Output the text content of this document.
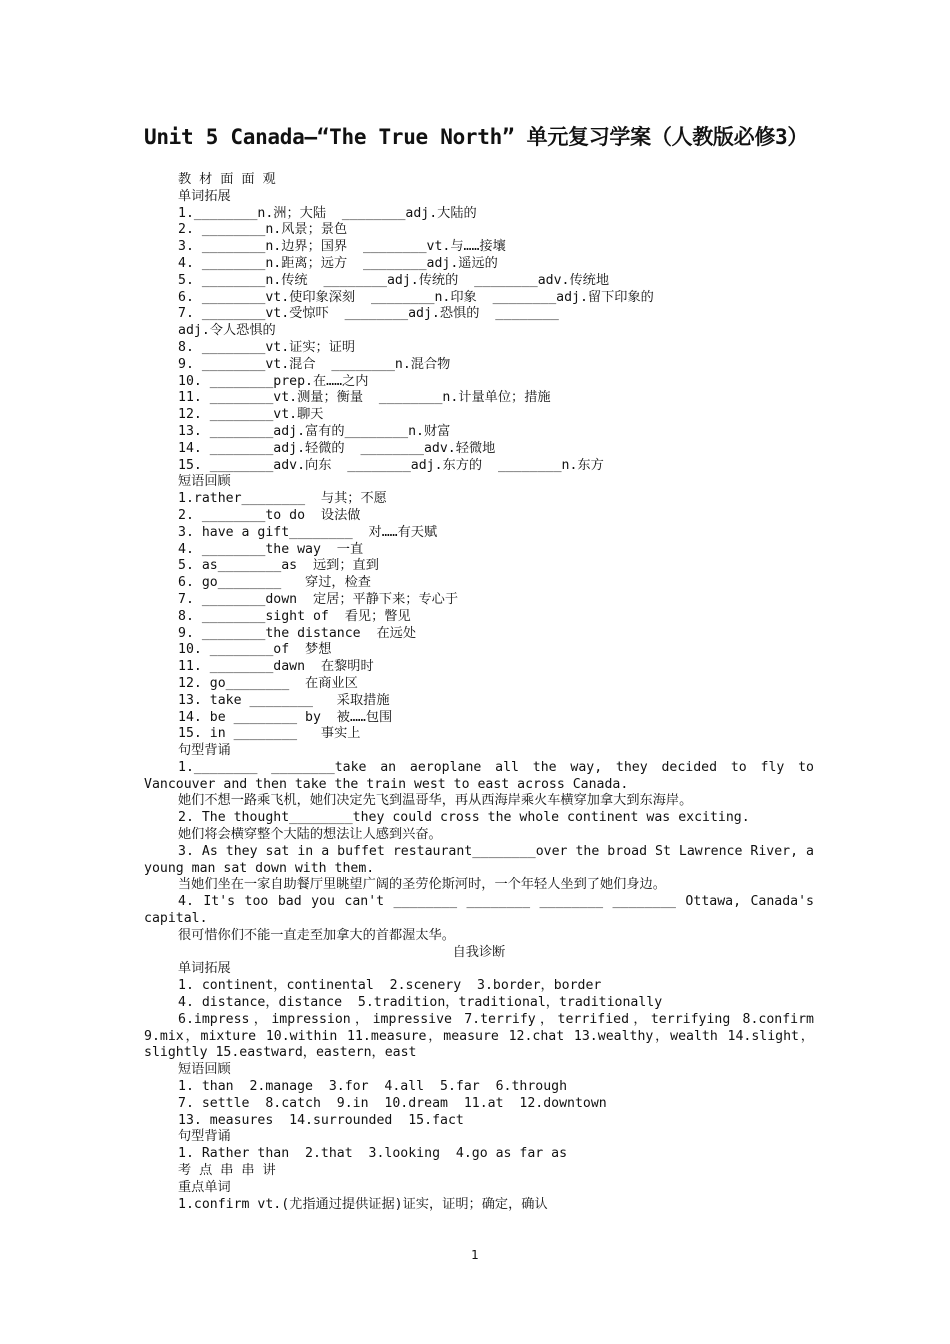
Unit 5 Canada—“The True North” 单元复习学案（人教版必修3）
教 材 面 面 观
单词拓展
1.________n.洲；大陆  ________adj.大陆的
2. ________n.风景；景色
3. ________n.边界；国界  ________vt.与……接壤
4. ________n.距离；远方  ________adj.遥远的
5. ________n.传统  ________adj.传统的  ________adv.传统地
6. ________vt.使印象深刻  ________n.印象  ________adj.留下印象的
7. ________vt.受惊吓  ________adj.恐惧的  ________
adj.令人恐惧的
8. ________vt.证实；证明
9. ________vt.混合  ________n.混合物
10. ________prep.在……之内
11. ________vt.测量；衡量  ________n.计量单位；措施
12. ________vt.聊天
13. ________adj.富有的________n.财富
14. ________adj.轻微的  ________adv.轻微地
15. ________adv.向东  ________adj.东方的  ________n.东方
短语回顾
1.rather________  与其；不愿
2. ________to do  设法做
3. have a gift________  对……有天赋
4. ________the way  一直
5. as________as  远到；直到
6. go________   穿过，检查
7. ________down  定居；平静下来；专心于
8. ________sight of  看见；瞥见
9. ________the distance  在远处
10. ________of  梦想
11. ________dawn  在黎明时
12. go________  在商业区
13. take ________   采取措施
14. be ________ by  被……包围
15. in ________   事实上
句型背诵
1.________ ________take an aeroplane all the way, they decided to fly to Vancouver and then take the train west to east across Canada.
她们不想一路乘飞机，她们决定先飞到温哥华，再从西海岸乘火车横穿加拿大到东海岸。
2. The thought________they could cross the whole continent was exciting.
她们将会横穿整个大陆的想法让人感到兴奋。
3. As they sat in a buffet restaurant________over the broad St Lawrence River, a young man sat down with them.
当她们坐在一家自助餐厅里眺望广阔的圣劳伦斯河时，一个年轻人坐到了她们身边。
4. It's too bad you can't ________ ________ ________ ________ Ottawa, Canada's capital.
很可惜你们不能一直走至加拿大的首都渥太华。
自我诊断
单词拓展
1. continent，continental  2.scenery  3.border，border
4. distance，distance  5.tradition，traditional，traditionally
6.impress，impression，impressive 7.terrify，terrified，terrifying 8.confirm 9.mix，mixture 10.within 11.measure，measure 12.chat 13.wealthy，wealth 14.slight，slightly 15.eastward，eastern，east
短语回顾
1. than  2.manage  3.for  4.all  5.far  6.through
7. settle  8.catch  9.in  10.dream  11.at  12.downtown
13. measures  14.surrounded  15.fact
句型背诵
1. Rather than  2.that  3.looking  4.go as far as
考 点 串 串 讲
重点单词
1.confirm vt.(尤指通过提供证据)证实，证明；确定，确认
1
